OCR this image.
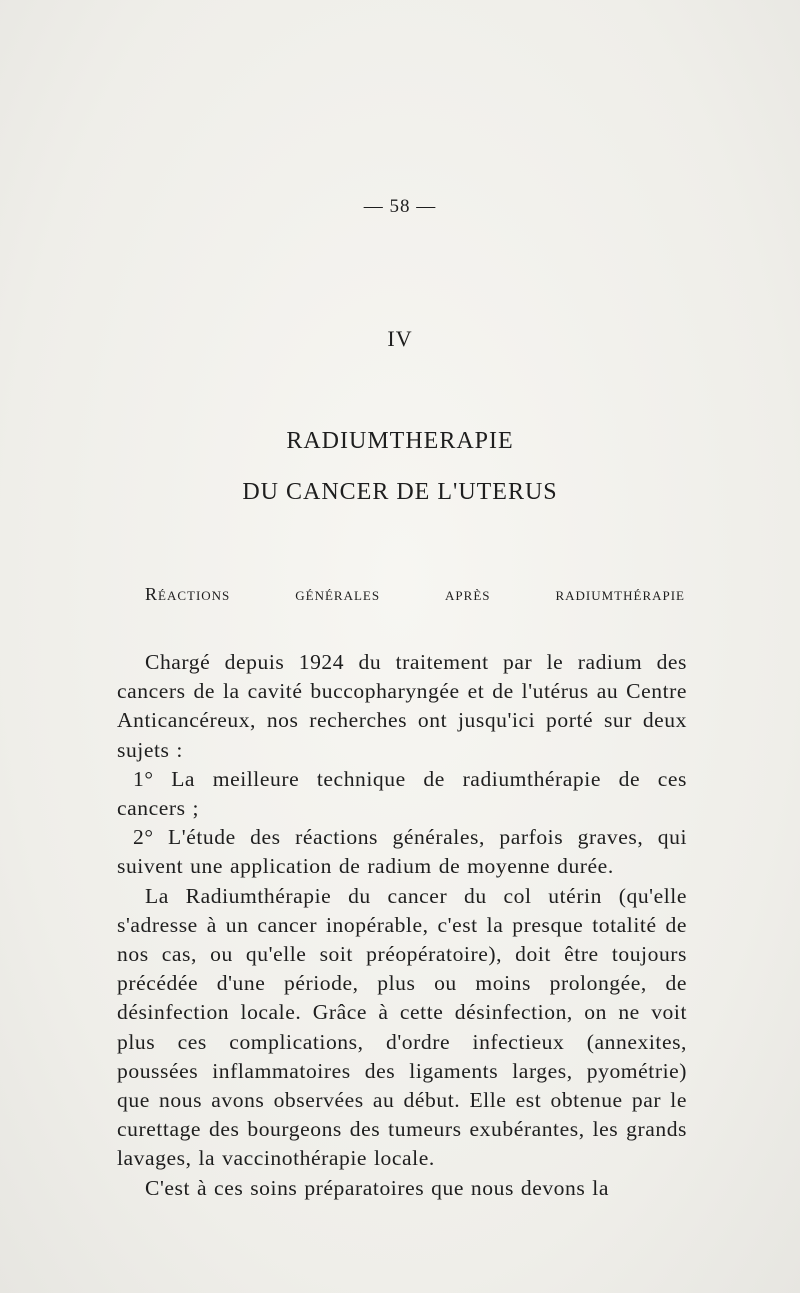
— 58 —
IV
RADIUMTHERAPIE
DU CANCER DE L'UTERUS
Réactions générales après radiumthérapie

Chargé depuis 1924 du traitement par le radium des cancers de la cavité buccopharyngée et de l'utérus au Centre Anticancéreux, nos recherches ont jusqu'ici porté sur deux sujets :

1° La meilleure technique de radiumthérapie de ces cancers ;

2° L'étude des réactions générales, parfois graves, qui suivent une application de radium de moyenne durée.

La Radiumthérapie du cancer du col utérin (qu'elle s'adresse à un cancer inopérable, c'est la presque totalité de nos cas, ou qu'elle soit préopératoire), doit être toujours précédée d'une période, plus ou moins prolongée, de désinfection locale. Grâce à cette désinfection, on ne voit plus ces complications, d'ordre infectieux (annexites, poussées inflammatoires des ligaments larges, pyométrie) que nous avons observées au début. Elle est obtenue par le curettage des bourgeons des tumeurs exubérantes, les grands lavages, la vaccinothérapie locale.

C'est à ces soins préparatoires que nous devons la
